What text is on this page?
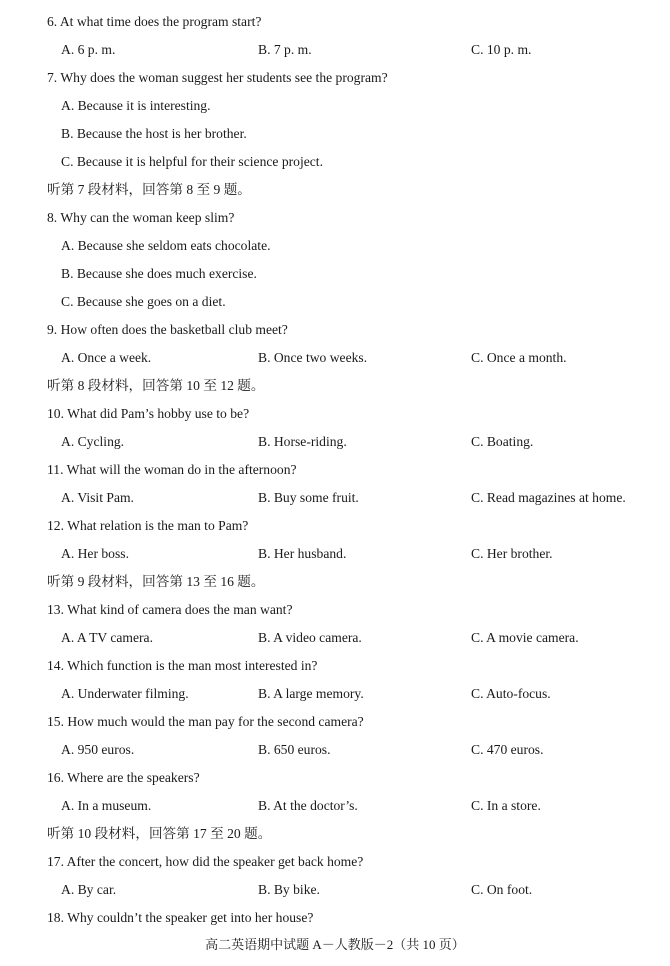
6. At what time does the program start?
A. 6 p. m.	B. 7 p. m.	C. 10 p. m.
7. Why does the woman suggest her students see the program?
A. Because it is interesting.
B. Because the host is her brother.
C. Because it is helpful for their science project.
听第 7 段材料，回答第 8 至 9 题。
8. Why can the woman keep slim?
A. Because she seldom eats chocolate.
B. Because she does much exercise.
C. Because she goes on a diet.
9. How often does the basketball club meet?
A. Once a week.	B. Once two weeks.	C. Once a month.
听第 8 段材料，回答第 10 至 12 题。
10. What did Pam’s hobby use to be?
A. Cycling.	B. Horse-riding.	C. Boating.
11. What will the woman do in the afternoon?
A. Visit Pam.	B. Buy some fruit.	C. Read magazines at home.
12. What relation is the man to Pam?
A. Her boss.	B. Her husband.	C. Her brother.
听第 9 段材料，回答第 13 至 16 题。
13. What kind of camera does the man want?
A. A TV camera.	B. A video camera.	C. A movie camera.
14. Which function is the man most interested in?
A. Underwater filming.	B. A large memory.	C. Auto-focus.
15. How much would the man pay for the second camera?
A. 950 euros.	B. 650 euros.	C. 470 euros.
16. Where are the speakers?
A. In a museum.	B. At the doctor’s.	C. In a store.
听第 10 段材料，回答第 17 至 20 题。
17. After the concert, how did the speaker get back home?
A. By car.	B. By bike.	C. On foot.
18. Why couldn’t the speaker get into her house?
高二英语期中试题 A－人教版－2（共 10 页）
